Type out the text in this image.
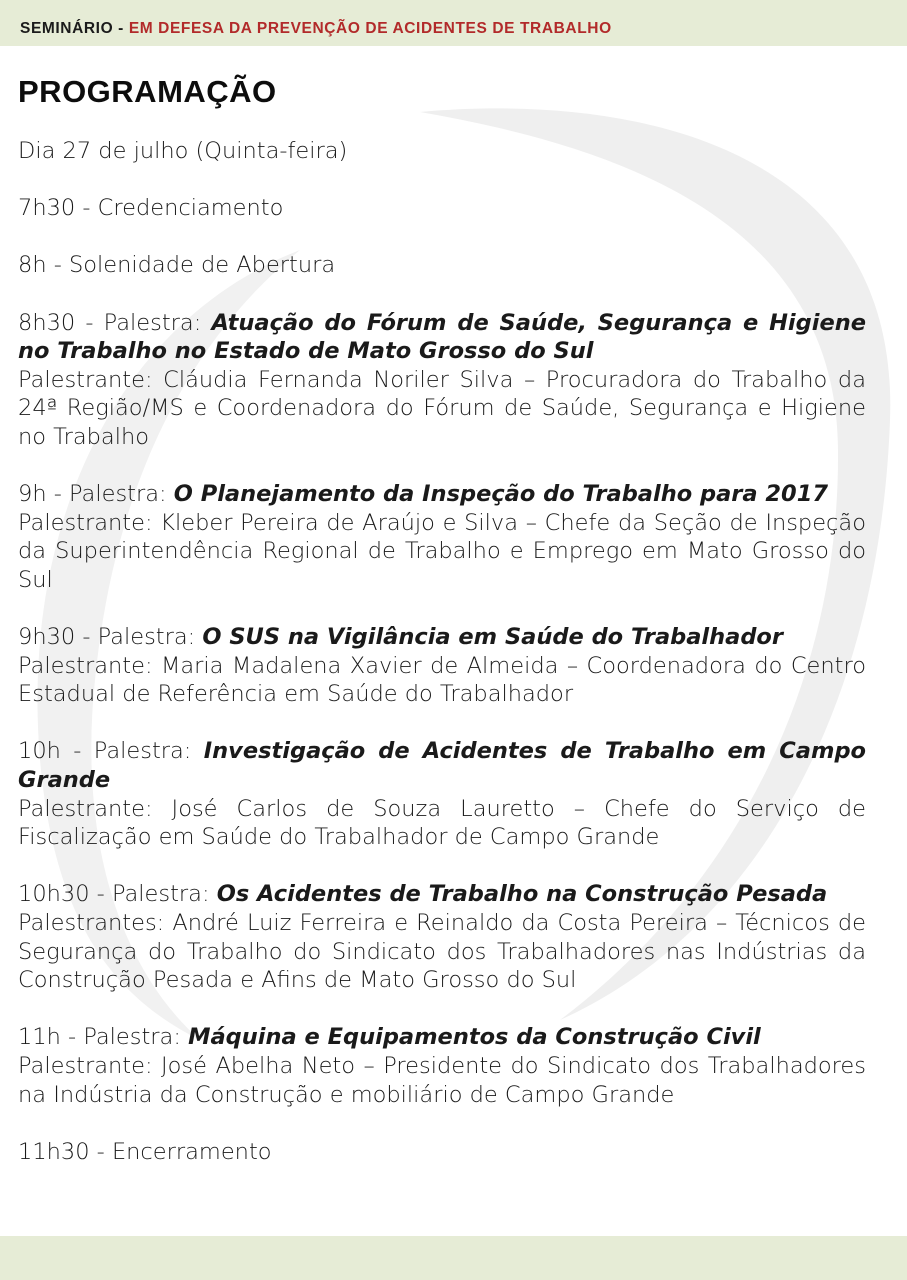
SEMINÁRIO - EM DEFESA DA PREVENÇÃO DE ACIDENTES DE TRABALHO
PROGRAMAÇÃO
Dia 27 de julho (Quinta-feira)
7h30 - Credenciamento
8h - Solenidade de Abertura
8h30 - Palestra: Atuação do Fórum de Saúde, Segurança e Higiene no Trabalho no Estado de Mato Grosso do Sul
Palestrante: Cláudia Fernanda Noriler Silva – Procuradora do Trabalho da 24ª Região/MS e Coordenadora do Fórum de Saúde, Segurança e Higiene no Trabalho
9h - Palestra: O Planejamento da Inspeção do Trabalho para 2017
Palestrante: Kleber Pereira de Araújo e Silva – Chefe da Seção de Inspeção da Superintendência Regional de Trabalho e Emprego em Mato Grosso do Sul
9h30 - Palestra: O SUS na Vigilância em Saúde do Trabalhador
Palestrante: Maria Madalena Xavier de Almeida – Coordenadora do Centro Estadual de Referência em Saúde do Trabalhador
10h - Palestra: Investigação de Acidentes de Trabalho em Campo Grande
Palestrante: José Carlos de Souza Lauretto – Chefe do Serviço de Fiscalização em Saúde do Trabalhador de Campo Grande
10h30 - Palestra: Os Acidentes de Trabalho na Construção Pesada
Palestrantes: André Luiz Ferreira e Reinaldo da Costa Pereira – Técnicos de Segurança do Trabalho do Sindicato dos Trabalhadores nas Indústrias da Construção Pesada e Afins de Mato Grosso do Sul
11h - Palestra: Máquina e Equipamentos da Construção Civil
Palestrante: José Abelha Neto – Presidente do Sindicato dos Trabalhadores na Indústria da Construção e mobiliário de Campo Grande
11h30 - Encerramento
